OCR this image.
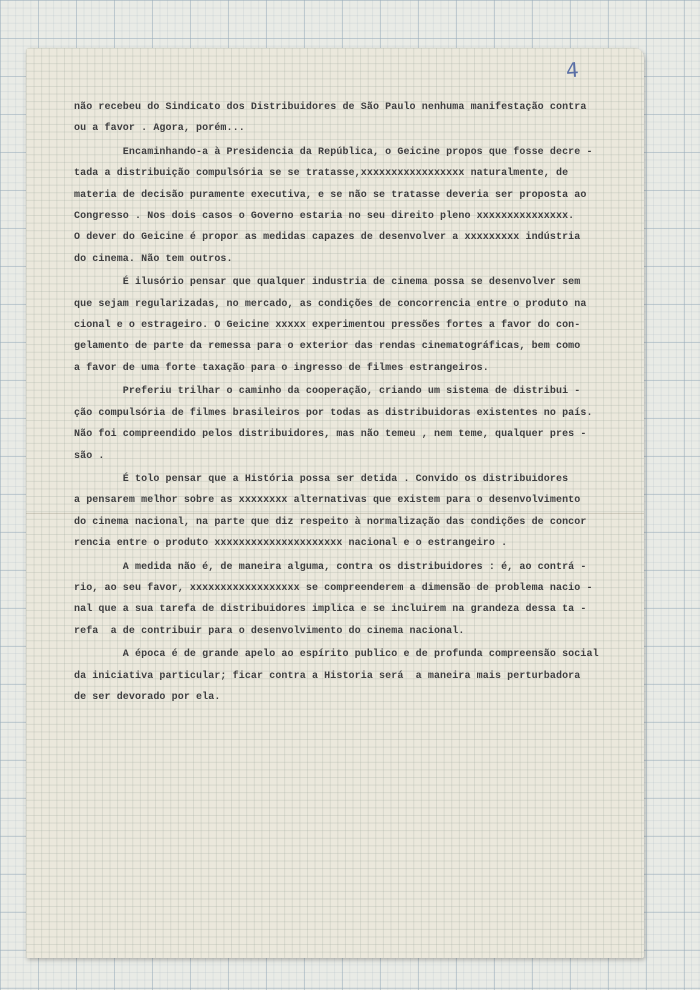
4
não recebeu do Sindicato dos Distribuidores de São Paulo nenhuma manifestação contra
ou a favor . Agora, porém...
Encaminhando-a à Presidencia da República, o Geicine propos que fosse decre -
tada a distribuição compulsória se se tratasse,xxxxxxxxxxxxxxxxx naturalmente, de
materia de decisão puramente executiva, e se não se tratasse deveria ser proposta ao
Congresso . Nos dois casos o Governo estaria no seu direito pleno xxxxxxxxxxxxxxx.
O dever do Geicine é propor as medidas capazes de desenvolver a xxxxxxxxx indústria
do cinema. Não tem outros.
É ilusório pensar que qualquer industria de cinema possa se desenvolver sem
que sejam regularizadas, no mercado, as condições de concorrencia entre o produto na
cional e o estrageiro. O Geicine xxxxx experimentou pressões fortes a favor do con-
gelamento de parte da remessa para o exterior das rendas cinematográficas, bem como
a favor de uma forte taxação para o ingresso de filmes estrangeiros.
Preferiu trilhar o caminho da cooperação, criando um sistema de distribui -
ção compulsória de filmes brasileiros por todas as distribuidoras existentes no país.
Não foi compreendido pelos distribuidores, mas não temeu , nem teme, qualquer pres -
são .
É tolo pensar que a História possa ser detida . Convido os distribuidores
a pensarem melhor sobre as xxxxxxxx alternativas que existem para o desenvolvimento
do cinema nacional, na parte que diz respeito à normalização das condições de concor
rencia entre o produto xxxxxxxxxxxxxxxxxxxxx nacional e o estrangeiro .
A medida não é, de maneira alguma, contra os distribuidores : é, ao contrá -
rio, ao seu favor, xxxxxxxxxxxxxxxxxx se compreenderem a dimensão de problema nacio -
nal que a sua tarefa de distribuidores implica e se incluirem na grandeza dessa ta -
refa  a de contribuir para o desenvolvimento do cinema nacional.
A época é de grande apelo ao espírito publico e de profunda compreensão social
da iniciativa particular; ficar contra a Historia será  a maneira mais perturbadora
de ser devorado por ela.
